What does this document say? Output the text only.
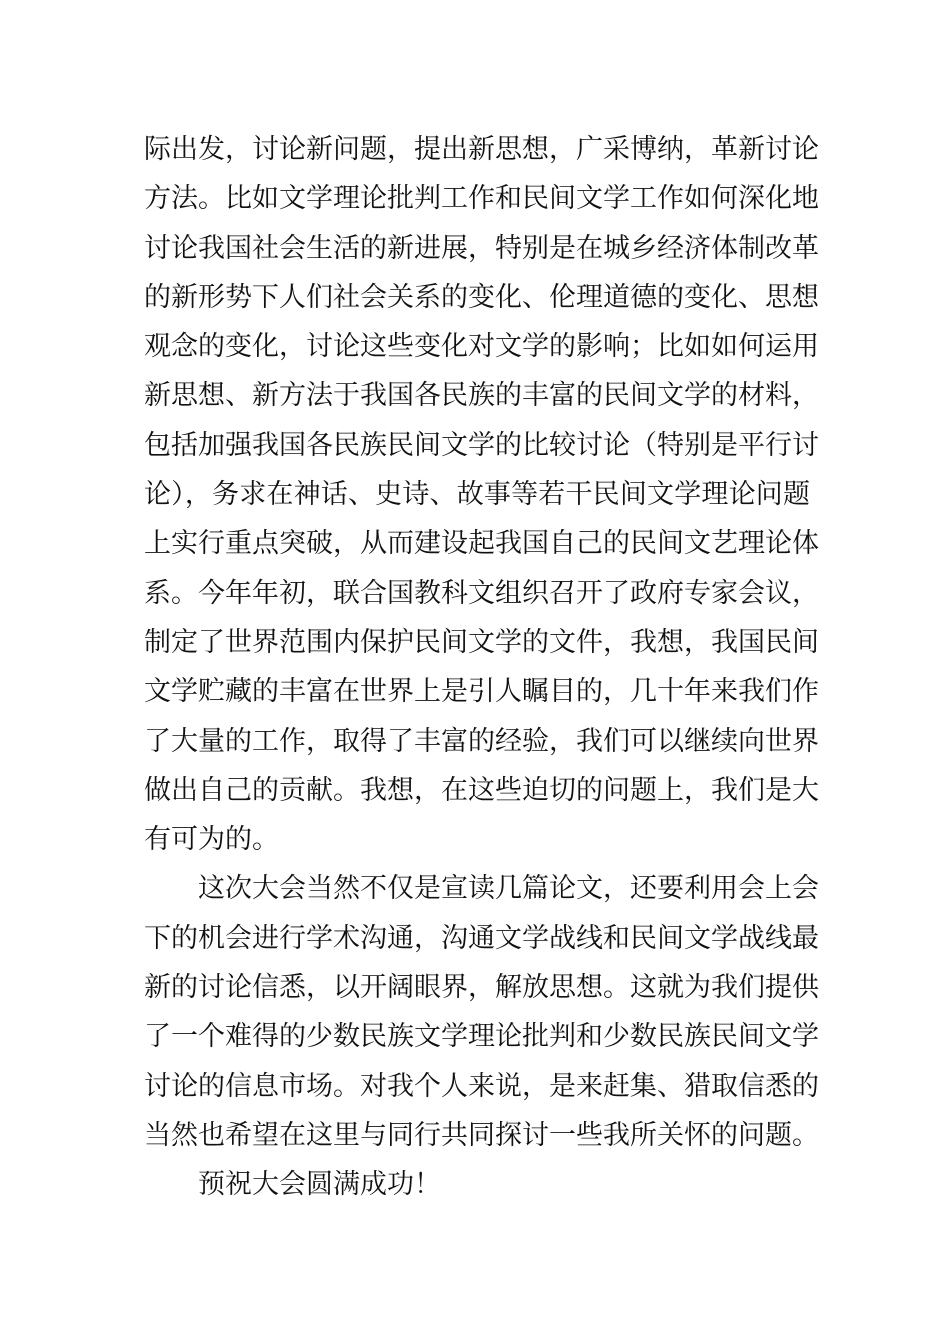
际出发，讨论新问题，提出新思想，广采博纳，革新讨论
方法。比如文学理论批判工作和民间文学工作如何深化地
讨论我国社会生活的新进展，特别是在城乡经济体制改革
的新形势下人们社会关系的变化、伦理道德的变化、思想
观念的变化，讨论这些变化对文学的影响；比如如何运用
新思想、新方法于我国各民族的丰富的民间文学的材料，
包括加强我国各民族民间文学的比较讨论（特别是平行讨
论），务求在神话、史诗、故事等若干民间文学理论问题
上实行重点突破，从而建设起我国自己的民间文艺理论体
系。今年年初，联合国教科文组织召开了政府专家会议，
制定了世界范围内保护民间文学的文件，我想，我国民间
文学贮藏的丰富在世界上是引人瞩目的，几十年来我们作
了大量的工作，取得了丰富的经验，我们可以继续向世界
做出自己的贡献。我想，在这些迫切的问题上，我们是大
有可为的。
这次大会当然不仅是宣读几篇论文，还要利用会上会
下的机会进行学术沟通，沟通文学战线和民间文学战线最
新的讨论信悉，以开阔眼界，解放思想。这就为我们提供
了一个难得的少数民族文学理论批判和少数民族民间文学
讨论的信息市场。对我个人来说，是来赶集、猎取信悉的
当然也希望在这里与同行共同探讨一些我所关怀的问题。
预祝大会圆满成功！
